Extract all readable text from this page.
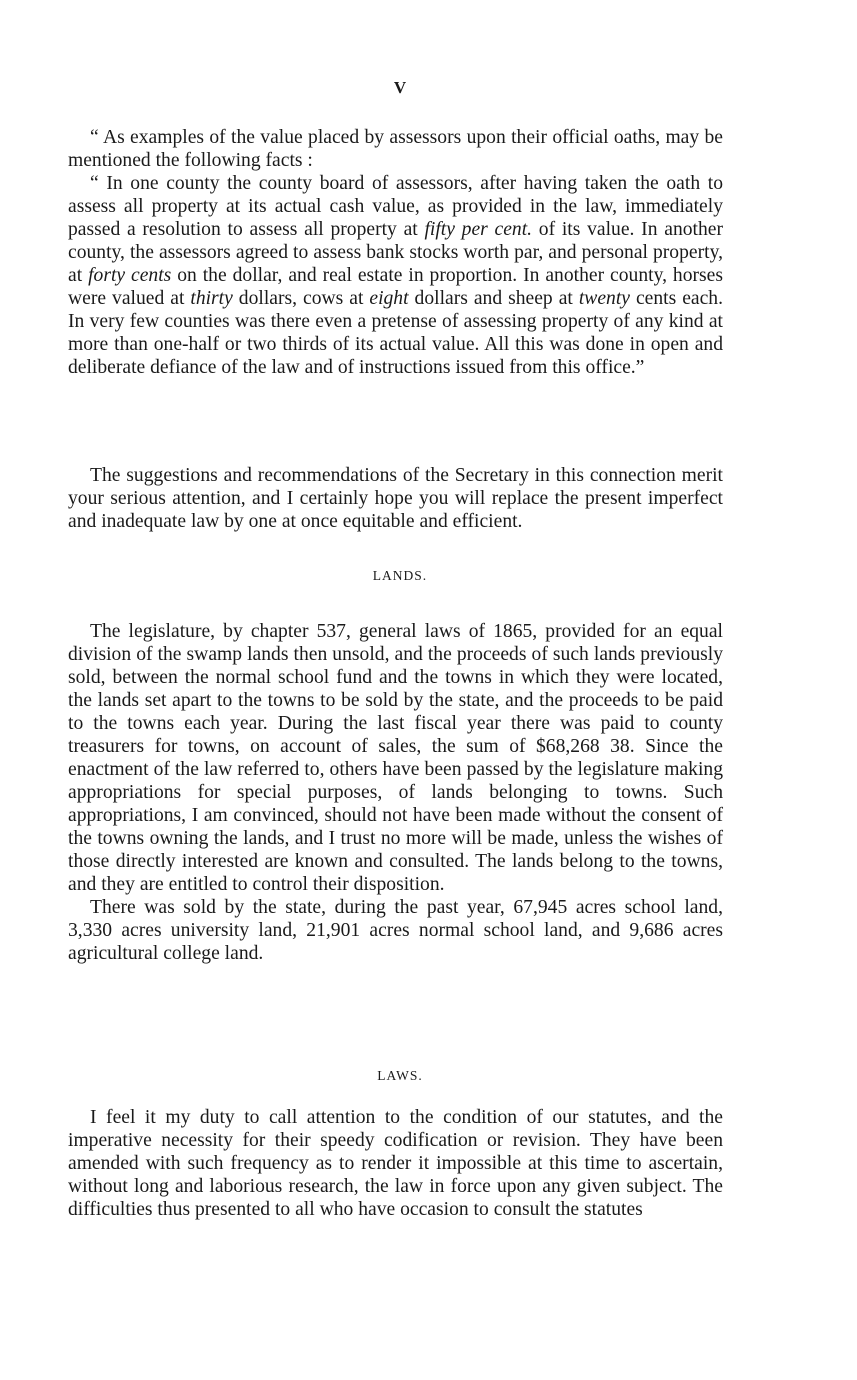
V

“ As examples of the value placed by assessors upon their official oaths, may be mentioned the following facts :

“ In one county the county board of assessors, after having taken the oath to assess all property at its actual cash value, as provided in the law, immediately passed a resolution to assess all property at fifty per cent. of its value. In another county, the assessors agreed to assess bank stocks worth par, and personal property, at forty cents on the dollar, and real estate in proportion. In another county, horses were valued at thirty dollars, cows at eight dollars and sheep at twenty cents each. In very few counties was there even a pretense of assessing property of any kind at more than one-half or two thirds of its actual value. All this was done in open and deliberate defiance of the law and of instructions issued from this office.”

The suggestions and recommendations of the Secretary in this connection merit your serious attention, and I certainly hope you will replace the present imperfect and inadequate law by one at once equitable and efficient.

LANDS.

The legislature, by chapter 537, general laws of 1865, provided for an equal division of the swamp lands then unsold, and the proceeds of such lands previously sold, between the normal school fund and the towns in which they were located, the lands set apart to the towns to be sold by the state, and the proceeds to be paid to the towns each year. During the last fiscal year there was paid to county treasurers for towns, on account of sales, the sum of $68,268 38. Since the enactment of the law referred to, others have been passed by the legislature making appropriations for special purposes, of lands belonging to towns. Such appropriations, I am convinced, should not have been made without the consent of the towns owning the lands, and I trust no more will be made, unless the wishes of those directly interested are known and consulted. The lands belong to the towns, and they are entitled to control their disposition.

There was sold by the state, during the past year, 67,945 acres school land, 3,330 acres university land, 21,901 acres normal school land, and 9,686 acres agricultural college land.

LAWS.

I feel it my duty to call attention to the condition of our statutes, and the imperative necessity for their speedy codification or revision. They have been amended with such frequency as to render it impossible at this time to ascertain, without long and laborious research, the law in force upon any given subject. The difficulties thus presented to all who have occasion to consult the statutes
